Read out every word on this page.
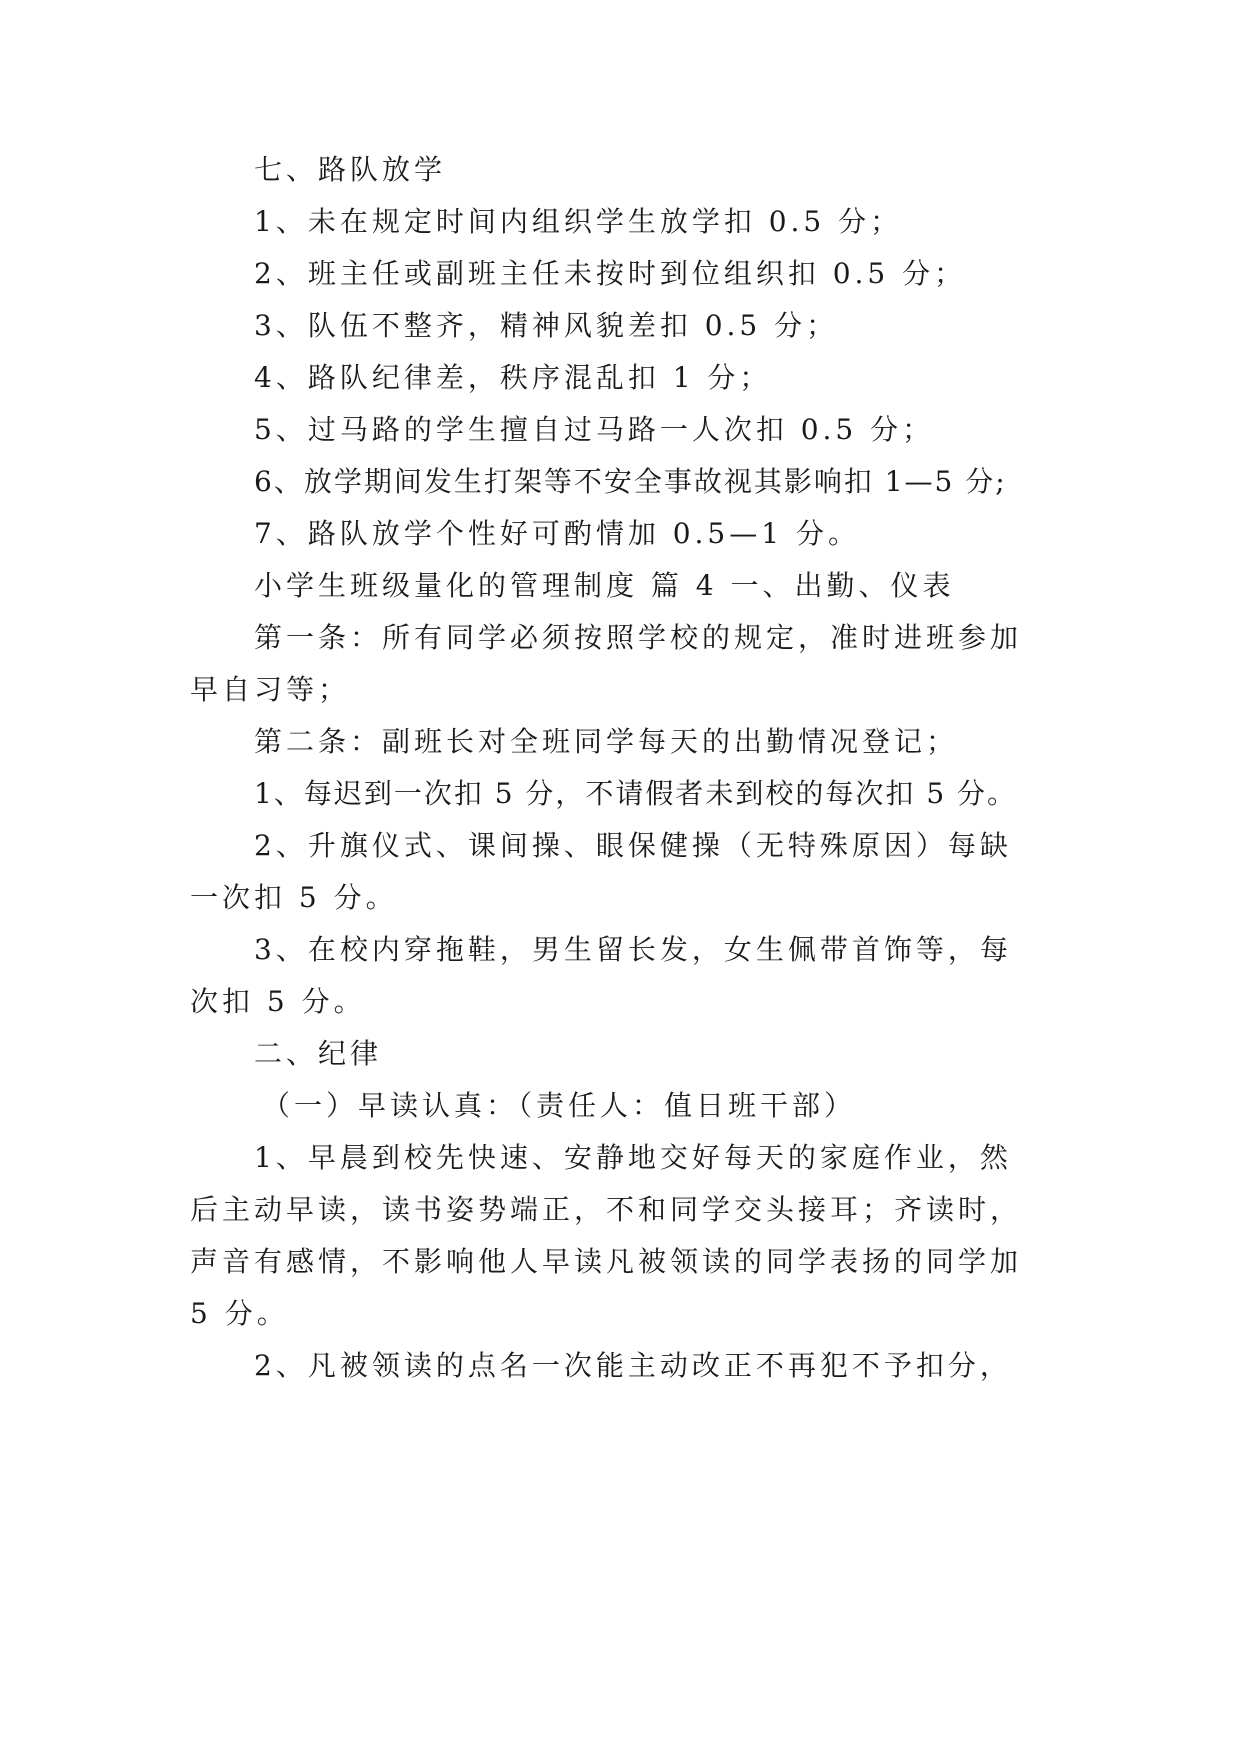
七、路队放学
1、未在规定时间内组织学生放学扣 0.5 分；
2、班主任或副班主任未按时到位组织扣 0.5 分；
3、队伍不整齐，精神风貌差扣 0.5 分；
4、路队纪律差，秩序混乱扣 1 分；
5、过马路的学生擅自过马路一人次扣 0.5 分；
6、放学期间发生打架等不安全事故视其影响扣 1—5 分;
7、路队放学个性好可酌情加 0.5—1 分。
小学生班级量化的管理制度 篇 4 一、出勤、仪表
第一条：所有同学必须按照学校的规定，准时进班参加
早自习等；
第二条：副班长对全班同学每天的出勤情况登记；
1、每迟到一次扣 5 分，不请假者未到校的每次扣 5 分。
2、升旗仪式、课间操、眼保健操（无特殊原因）每缺
一次扣 5 分。
3、在校内穿拖鞋，男生留长发，女生佩带首饰等，每
次扣 5 分。
二、纪律
（一）早读认真：（责任人：值日班干部）
1、早晨到校先快速、安静地交好每天的家庭作业，然
后主动早读，读书姿势端正，不和同学交头接耳；齐读时，
声音有感情，不影响他人早读凡被领读的同学表扬的同学加
5 分。
2、凡被领读的点名一次能主动改正不再犯不予扣分，
